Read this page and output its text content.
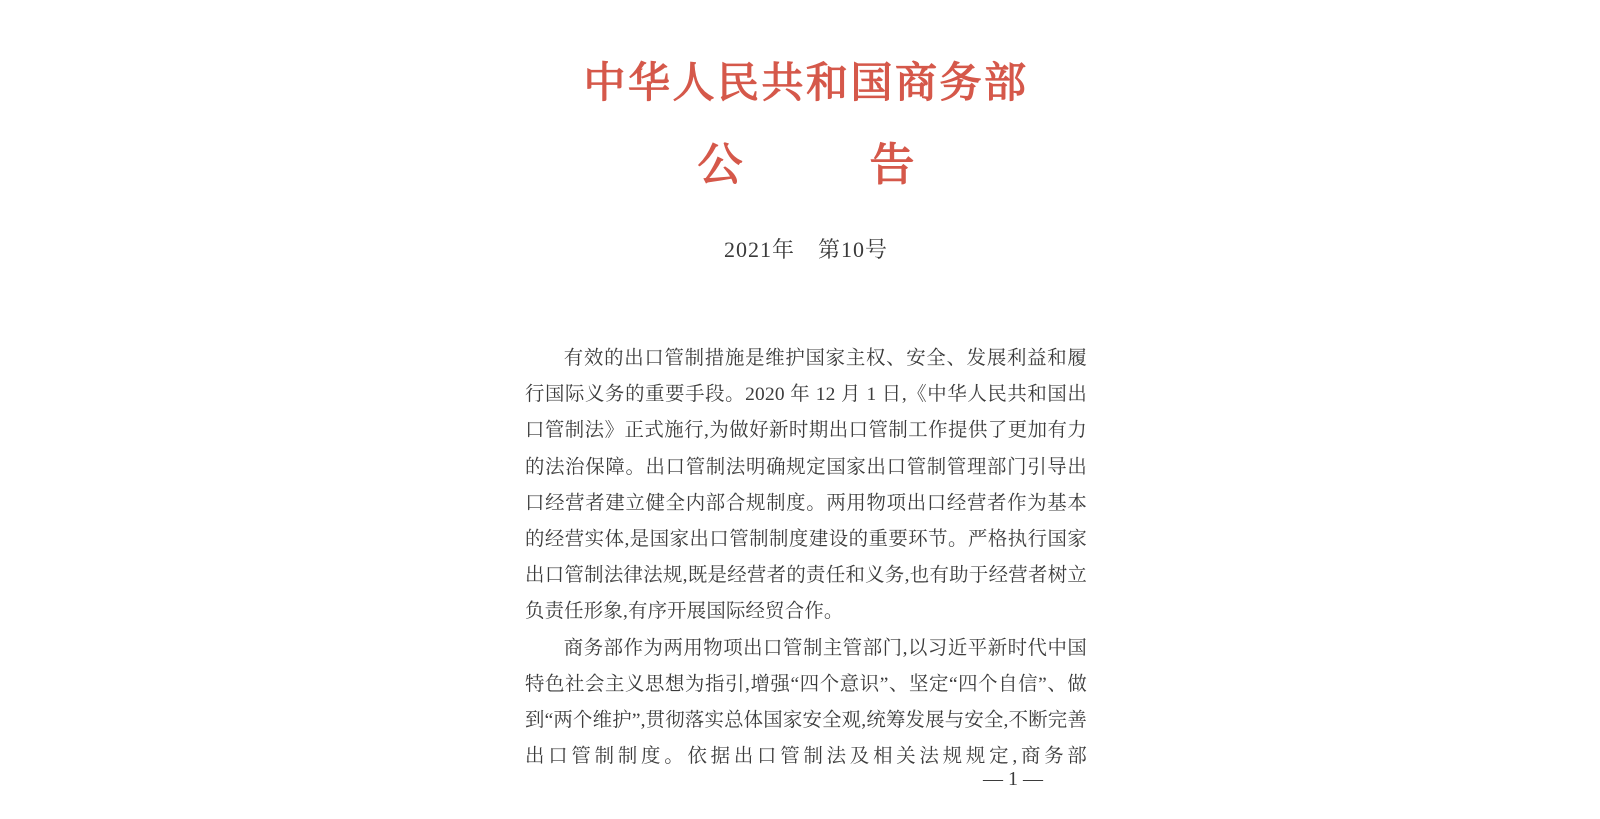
中华人民共和国商务部
公	告
2021年　第10号

有效的出口管制措施是维护国家主权、安全、发展利益和履行国际义务的重要手段。2020 年 12 月 1 日,《中华人民共和国出口管制法》正式施行,为做好新时期出口管制工作提供了更加有力的法治保障。出口管制法明确规定国家出口管制管理部门引导出口经营者建立健全内部合规制度。两用物项出口经营者作为基本的经营实体,是国家出口管制制度建设的重要环节。严格执行国家出口管制法律法规,既是经营者的责任和义务,也有助于经营者树立负责任形象,有序开展国际经贸合作。

商务部作为两用物项出口管制主管部门,以习近平新时代中国特色社会主义思想为指引,增强“四个意识”、坚定“四个自信”、做到“两个维护”,贯彻落实总体国家安全观,统筹发展与安全,不断完善出口管制制度。依据出口管制法及相关法规规定,商务部

— 1 —
